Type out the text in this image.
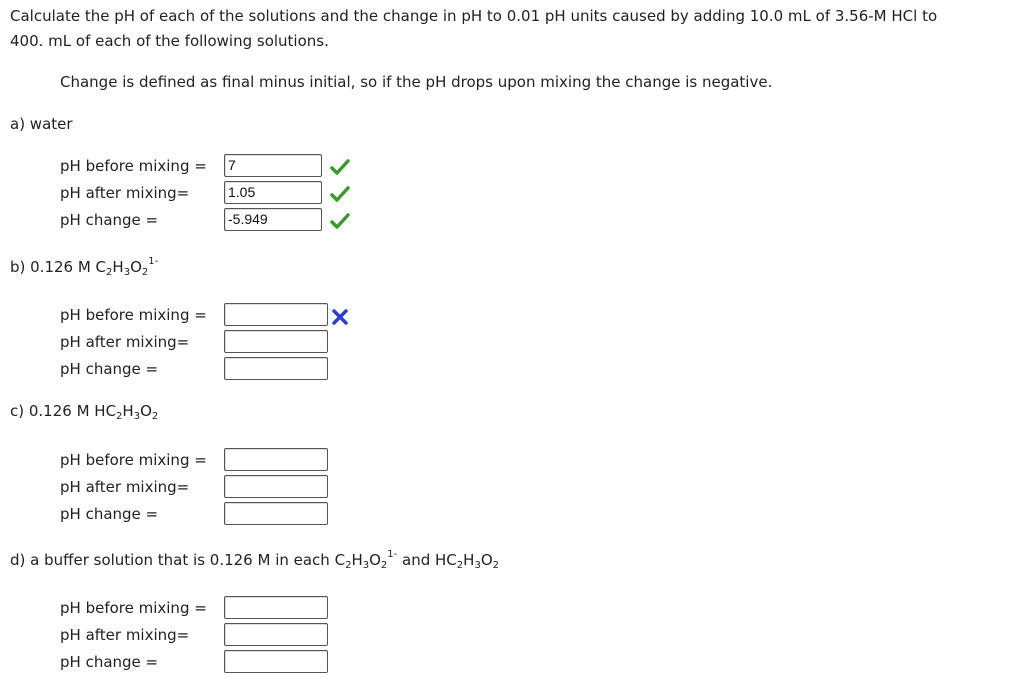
Calculate the pH of each of the solutions and the change in pH to 0.01 pH units caused by adding 10.0 mL of 3.56-M HCl to
400. mL of each of the following solutions.
Change is defined as final minus initial, so if the pH drops upon mixing the change is negative.
a) water
pH before mixing = 7
pH after mixing=	1.05
pH change =	-5.949
b) 0.126 M $C_2H_3O_2^{1-}$
pH before mixing =
pH after mixing=
pH change =
c) 0.126 M $HC_2H_3O_2$
pH before mixing =
pH after mixing=
pH change =
d) a buffer solution that is 0.126 M in each $C_2H_3O_2^{1-}$ and $HC_2H_3O_2$
pH before mixing =
pH after mixing=
pH change =
